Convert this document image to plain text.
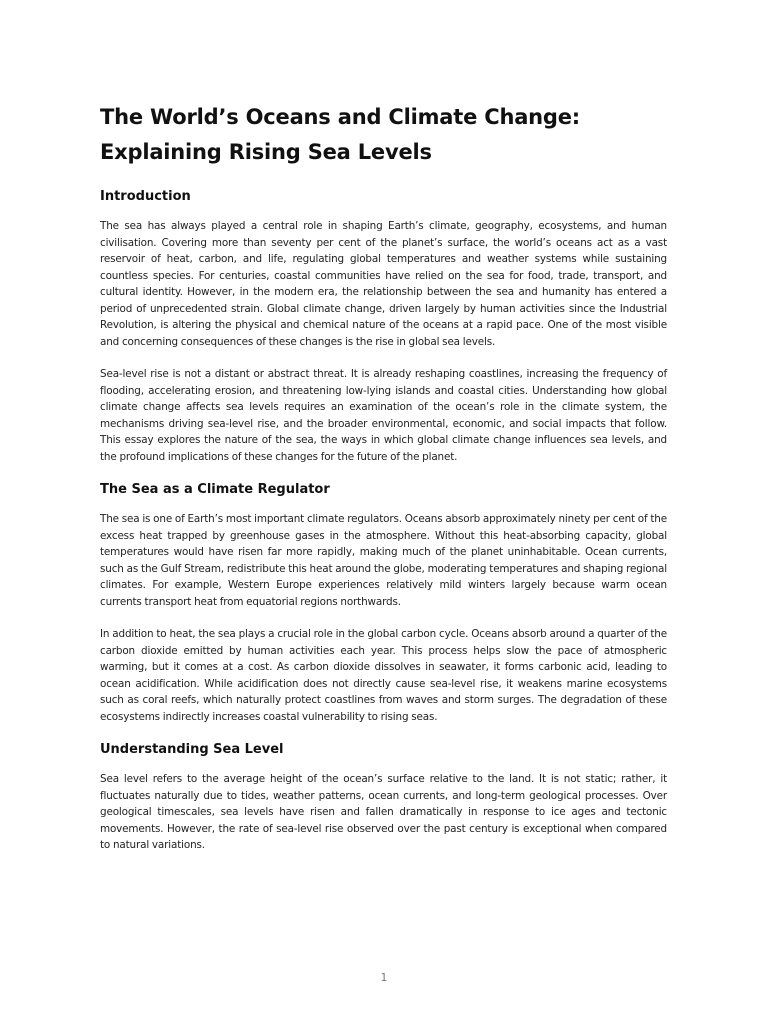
The World’s Oceans and Climate Change:
Explaining Rising Sea Levels
Introduction

The sea has always played a central role in shaping Earth’s climate, geography, ecosystems, and human civilisation. Covering more than seventy per cent of the planet’s surface, the world’s oceans act as a vast reservoir of heat, carbon, and life, regulating global temperatures and weather systems while sustaining countless species. For centuries, coastal communities have relied on the sea for food, trade, transport, and cultural identity. However, in the modern era, the relationship between the sea and humanity has entered a period of unprecedented strain. Global climate change, driven largely by human activities since the Industrial Revolution, is altering the physical and chemical nature of the oceans at a rapid pace. One of the most visible and concerning consequences of these changes is the rise in global sea levels.

Sea-level rise is not a distant or abstract threat. It is already reshaping coastlines, increasing the frequency of flooding, accelerating erosion, and threatening low-lying islands and coastal cities. Understanding how global climate change affects sea levels requires an examination of the ocean’s role in the climate system, the mechanisms driving sea-level rise, and the broader environmental, economic, and social impacts that follow. This essay explores the nature of the sea, the ways in which global climate change influences sea levels, and the profound implications of these changes for the future of the planet.

The Sea as a Climate Regulator

The sea is one of Earth’s most important climate regulators. Oceans absorb approximately ninety per cent of the excess heat trapped by greenhouse gases in the atmosphere. Without this heat-absorbing capacity, global temperatures would have risen far more rapidly, making much of the planet uninhabitable. Ocean currents, such as the Gulf Stream, redistribute this heat around the globe, moderating temperatures and shaping regional climates. For example, Western Europe experiences relatively mild winters largely because warm ocean currents transport heat from equatorial regions northwards.

In addition to heat, the sea plays a crucial role in the global carbon cycle. Oceans absorb around a quarter of the carbon dioxide emitted by human activities each year. This process helps slow the pace of atmospheric warming, but it comes at a cost. As carbon dioxide dissolves in seawater, it forms carbonic acid, leading to ocean acidification. While acidification does not directly cause sea-level rise, it weakens marine ecosystems such as coral reefs, which naturally protect coastlines from waves and storm surges. The degradation of these ecosystems indirectly increases coastal vulnerability to rising seas.

Understanding Sea Level

Sea level refers to the average height of the ocean’s surface relative to the land. It is not static; rather, it fluctuates naturally due to tides, weather patterns, ocean currents, and long-term geological processes. Over geological timescales, sea levels have risen and fallen dramatically in response to ice ages and tectonic movements. However, the rate of sea-level rise observed over the past century is exceptional when compared to natural variations.

1
